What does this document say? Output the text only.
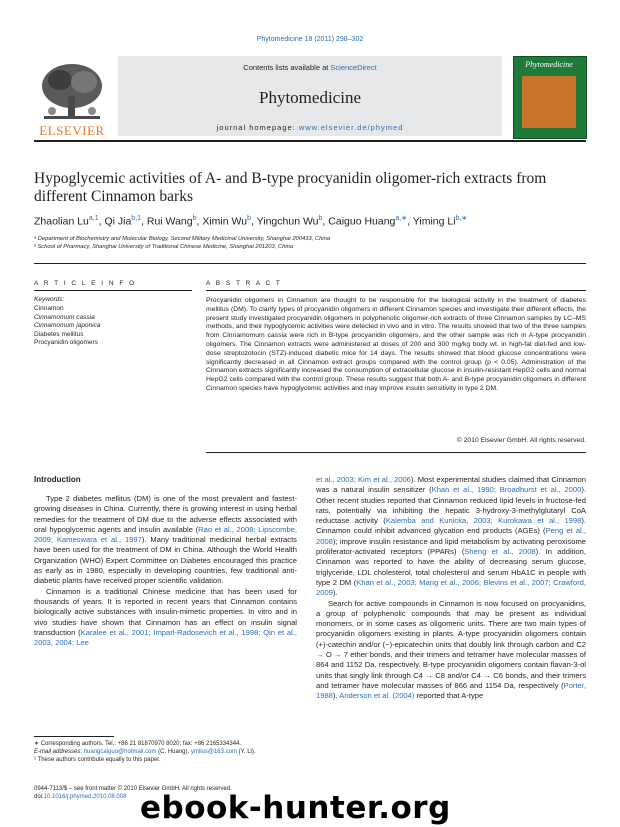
Phytomedicine 18 (2011) 298–302
ELSEVIER
Contents lists available at ScienceDirect
Phytomedicine
journal homepage: www.elsevier.de/phymed
Phytomedicine
Hypoglycemic activities of A- and B-type procyanidin oligomer-rich extracts from different Cinnamon barks
Zhaolian Lu$^{a,1}$, Qi Jia$^{b,1}$, Rui Wang$^b$, Ximin Wu$^b$, Yingchun Wu$^b$, Caiguo Huang$^{a,∗}$, Yiming $Li^{b,∗}$
ᵃ Department of Biochemistry and Molecular Biology, Second Military Medicinal University, Shanghai 200433, China
ᵇ School of Pharmacy, Shanghai University of Traditional Chinese Medicine, Shanghai 201203, China
A R T I C L E I N F O
Keywords:
Cinnamon
Cinnamomum cassia
Cinnamomum japonica
Diabetes mellitus
Procyanidin oligomers
A B S T R A C T
Procyanidin oligomers in Cinnamon are thought to be responsible for the biological activity in the treatment of diabetes mellitus (DM). To clarify types of procyanidin oligomers in different Cinnamon species and investigate their different effects, the present study investigated procyanidin oligomers in polyphenolic oligomer-rich extracts of three Cinnamon samples by LC–MS methods, and their hypoglycemic activities were detected in vivo and in vitro. The results showed that two of the three samples from Cinnamomum cassia were rich in B-type procyanidin oligomers, and the other sample was rich in A-type procyanidin oligomers. The Cinnamon extracts were administered at doses of 200 and 300 mg/kg body wt. in high-fat diet-fed and low-dose streptozotocin (STZ)-induced diabetic mice for 14 days. The results showed that blood glucose concentrations were significantly decreased in all Cinnamon extract groups compared with the control group (p < 0.05). Administration of the Cinnamon extracts significantly increased the consumption of extracellular glucose in insulin-resistant HepG2 cells and normal HepG2 cells compared with the control group. These results suggest that both A- and B-type procyanidin oligomers in different Cinnamon species have hypoglycemic activities and may improve insulin sensitivity in type 2 DM.
© 2010 Elsevier GmbH. All rights reserved.
Introduction

Type 2 diabetes mellitus (DM) is one of the most prevalent and fastest-growing diseases in China. Currently, there is growing interest in using herbal remedies for the treatment of DM due to the adverse effects associated with oral hypoglycemic agents and insulin available (Rao et al., 2008; Lipscombe, 2009; Kameswara et al., 1997). Many traditional medicinal herbal extracts have been used for the treatment of DM in China. Although the World Health Organization (WHO) Expert Committee on Diabetes encouraged this practice as early as in 1980, especially in developing countries, few traditional anti-diabetic plants have received proper scientific validation.

Cinnamon is a traditional Chinese medicine that has been used for thousands of years. It is reported in recent years that Cinnamon contains biologically active substances with insulin-mimetic properties. In vitro and in vivo studies have shown that Cinnamon has an effect on insulin signal transduction (Karalee et al., 2001; Imparl-Radosevich et al., 1998; Qin et al., 2003, 2004; Lee

et al., 2003; Kim et al., 2006). Most experimental studies claimed that Cinnamon was a natural insulin sensitizer (Khan et al., 1990; Broadhurst et al., 2000). Other recent studies reported that Cinnamon reduced lipid levels in fructose-fed rats, potentially via inhibiting the hepatic 3-hydroxy-3-methylglutaryl CoA reductase activity (Kalemba and Kunicka, 2003; Kurokawa et al., 1998). Cinnamon could inhibit advanced glycation end products (AGEs) (Peng et al., 2008); improve insulin resistance and lipid metabolism by activating peroxisome proliferator-activated receptors (PPARs) (Sheng et al., 2008). In addition, Cinnamon was reported to have the ability of decreasing serum glucose, triglyceride, LDL cholesterol, total cholesterol and serum HbA1C in people with type 2 DM (Khan et al., 2003; Mang et al., 2006; Blevins et al., 2007; Crawford, 2009).

Search for active compounds in Cinnamon is now focused on procyanidins, a group of polyphenolic compounds that may be present as individual monomers, or in some cases as oligomeric units. There are two main types of procyanidin oligomers existing in plants. A-type procyanidin oligomers contain (+)-catechin and/or (−)-epicatechin units that doubly link through carbon and C2 → O → 7 ether bonds, and their trimers and tetramer have molecular masses of 864 and 1152 Da, respectively. B-type procyanidin oligomers contain flavan-3-ol units that singly link through C4 → C8 and/or C4 → C6 bonds, and their trimers and tetramer have molecular masses of 866 and 1154 Da, respectively (Porter, 1988). Anderson et al. (2004) reported that A-type

∗ Corresponding authors. Tel.: +86 21 81870970 8020; fax: +86 2165334344.
E-mail addresses: huangcaiguo@hotmail.com (C. Huang), ymlius@163.com (Y. Li).
¹ These authors contribute equally to this paper.
0944-7113/$ – see front matter © 2010 Elsevier GmbH. All rights reserved.
doi:10.1016/j.phymed.2010.08.008 ebook-hunter.org
